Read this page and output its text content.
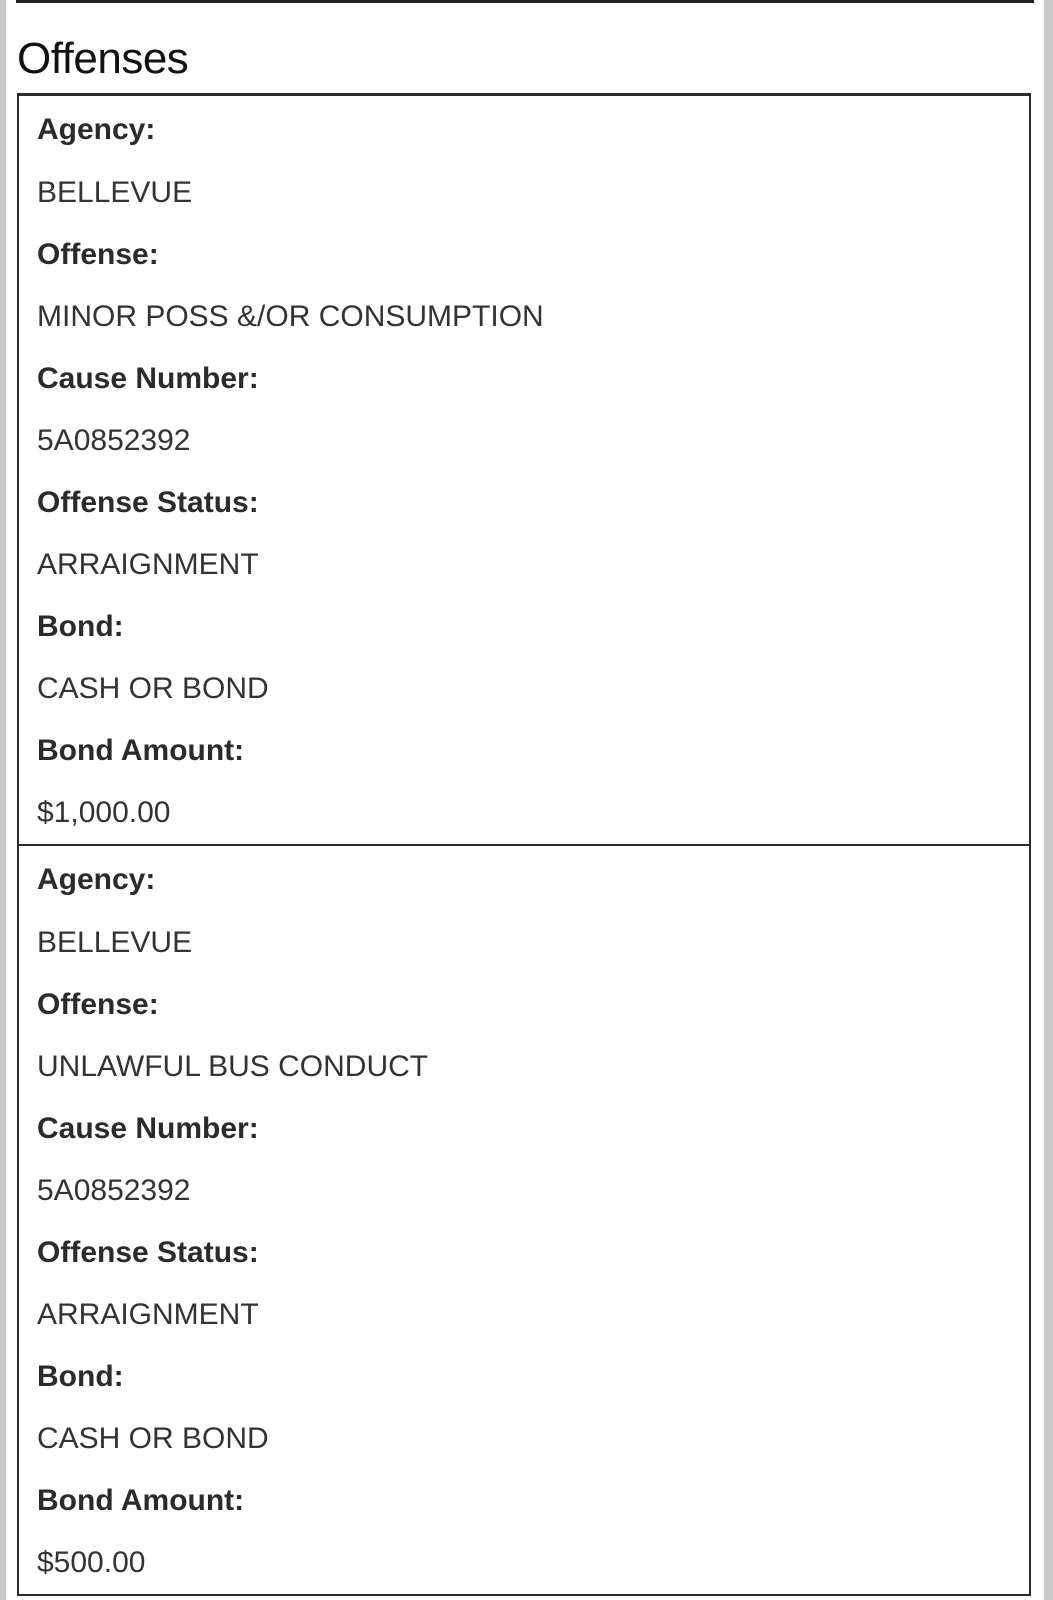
Offenses
Agency:
BELLEVUE
Offense:
MINOR POSS &/OR CONSUMPTION
Cause Number:
5A0852392
Offense Status:
ARRAIGNMENT
Bond:
CASH OR BOND
Bond Amount:
$1,000.00
Agency:
BELLEVUE
Offense:
UNLAWFUL BUS CONDUCT
Cause Number:
5A0852392
Offense Status:
ARRAIGNMENT
Bond:
CASH OR BOND
Bond Amount:
$500.00
